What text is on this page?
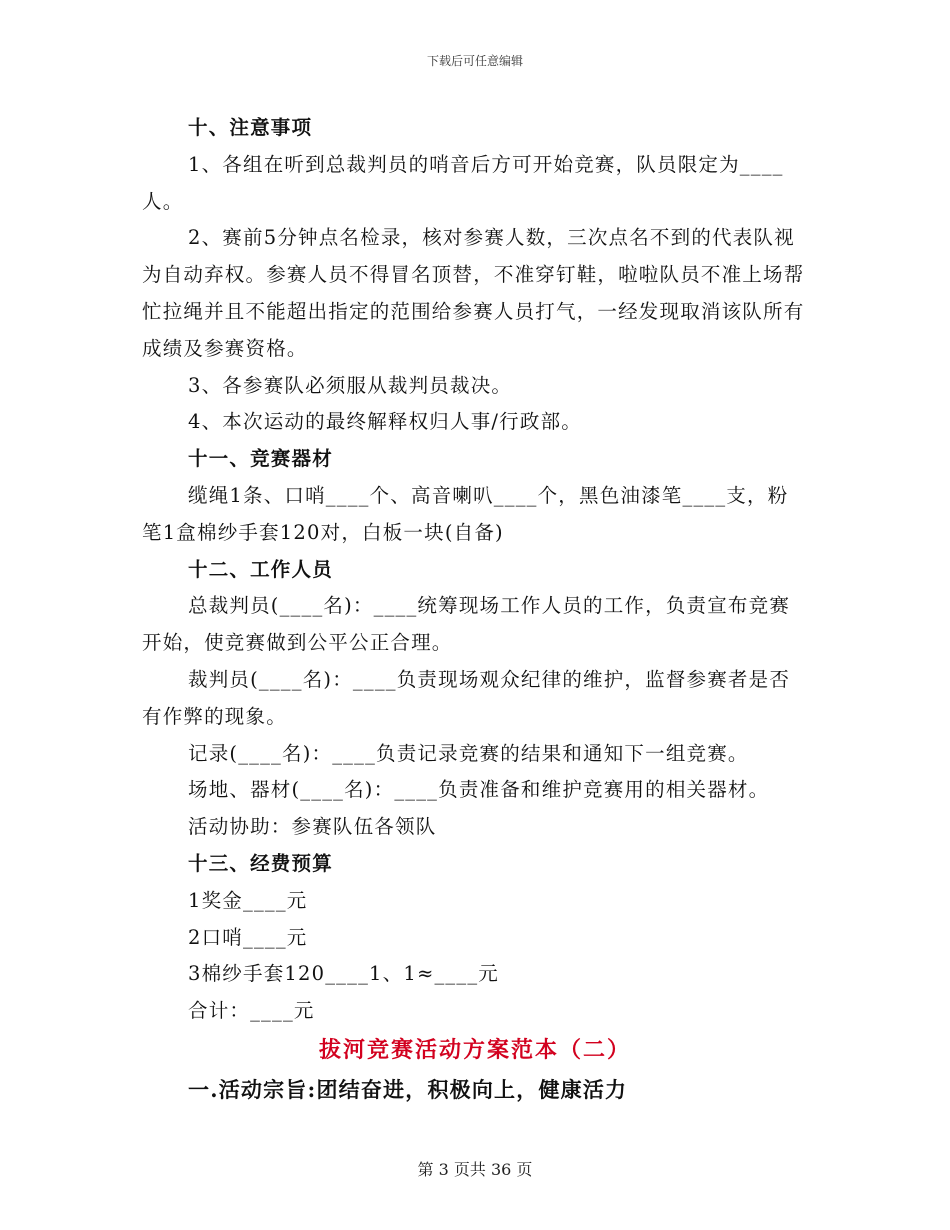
下载后可任意编辑
十、注意事项
1、各组在听到总裁判员的哨音后方可开始竞赛，队员限定为____人。
2、赛前5分钟点名检录，核对参赛人数，三次点名不到的代表队视为自动弃权。参赛人员不得冒名顶替，不准穿钉鞋，啦啦队员不准上场帮忙拉绳并且不能超出指定的范围给参赛人员打气，一经发现取消该队所有成绩及参赛资格。
3、各参赛队必须服从裁判员裁决。
4、本次运动的最终解释权归人事/行政部。
十一、竞赛器材
缆绳1条、口哨____个、高音喇叭____个，黑色油漆笔____支，粉笔1盒棉纱手套120对，白板一块(自备)
十二、工作人员
总裁判员(____名)：____统筹现场工作人员的工作，负责宣布竞赛开始，使竞赛做到公平公正合理。
裁判员(____名)：____负责现场观众纪律的维护，监督参赛者是否有作弊的现象。
记录(____名)：____负责记录竞赛的结果和通知下一组竞赛。
场地、器材(____名)：____负责准备和维护竞赛用的相关器材。
活动协助：参赛队伍各领队
十三、经费预算
1奖金____元
2口哨____元
3棉纱手套120____1、1≈____元
合计：____元
拔河竞赛活动方案范本（二）
一.活动宗旨:团结奋进，积极向上，健康活力
第 3 页共 36 页
